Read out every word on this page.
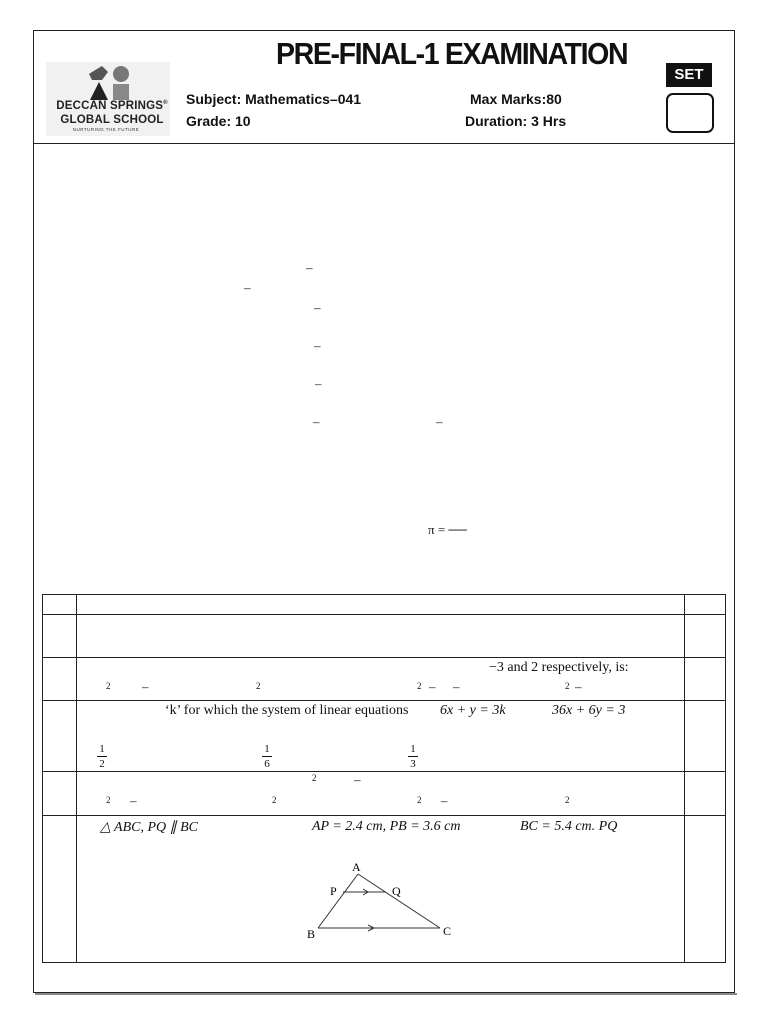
PRE-FINAL-1 EXAMINATION
DECCAN SPRINGS®
GLOBAL SCHOOL
NURTURING THE FUTURE
Subject: Mathematics–041
Grade: 10
Max Marks:80
Duration: 3 Hrs
SET
–
–
–
–
–
–	–
π = ──
−3 and 2 respectively, is:
2 –	2	2 – –	2 –
‘k’ for which the system of linear equations 6x + y = 3k	36x + 6y = 3
1
2
1
6
1
3
2	–
2 –	2	2 –	2
△ ABC, PQ ∥ BC	AP = 2.4 cm, PB = 3.6 cm	BC = 5.4 cm. PQ
A
P	Q
B	C
